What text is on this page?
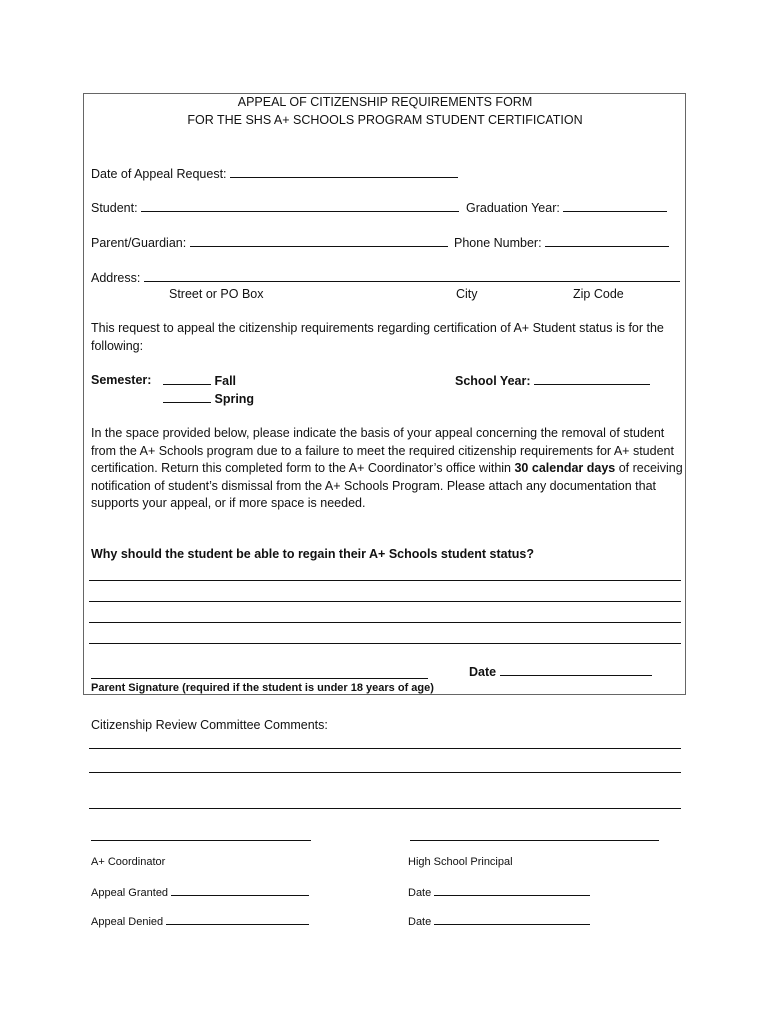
APPEAL OF CITIZENSHIP REQUIREMENTS FORM
FOR THE SHS A+ SCHOOLS PROGRAM STUDENT CERTIFICATION
Date of Appeal Request:
Student:	Graduation Year:
Parent/Guardian:	Phone Number:
Address:
Street or PO Box	City	Zip Code
This request to appeal the citizenship requirements regarding certification of A+ Student status is for the following:
Semester:	Fall
Spring
School Year:
In the space provided below, please indicate the basis of your appeal concerning the removal of student from the A+ Schools program due to a failure to meet the required citizenship requirements for A+ student certification. Return this completed form to the A+ Coordinator’s office within 30 calendar days of receiving notification of student’s dismissal from the A+ Schools Program. Please attach any documentation that supports your appeal, or if more space is needed.
Why should the student be able to regain their A+ Schools student status?
Date
Parent Signature (required if the student is under 18 years of age)
Citizenship Review Committee Comments:
A+ Coordinator	High School Principal
Appeal Granted	Date
Appeal Denied	Date
